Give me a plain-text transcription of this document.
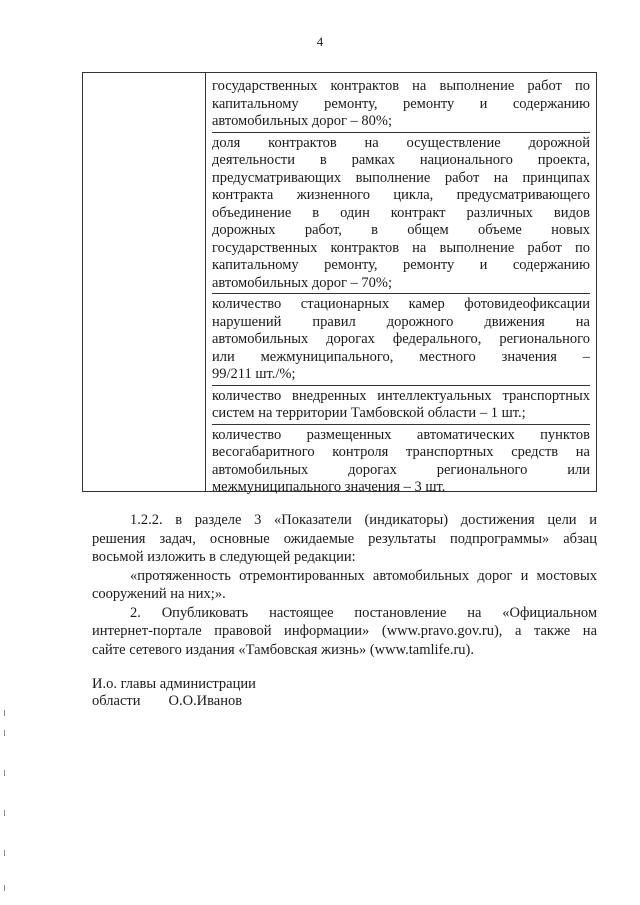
4
государственных контрактов на выполнение работ по
капитальному ремонту, ремонту и содержанию
автомобильных дорог – 80%;
доля контрактов на осуществление дорожной
деятельности в рамках национального проекта,
предусматривающих выполнение работ на принципах
контракта жизненного цикла, предусматривающего
объединение в один контракт различных видов
дорожных работ, в общем объеме новых
государственных контрактов на выполнение работ по
капитальному ремонту, ремонту и содержанию
автомобильных дорог – 70%;
количество стационарных камер фотовидеофиксации
нарушений правил дорожного движения на
автомобильных дорогах федерального, регионального
или межмуниципального, местного значения –
99/211 шт./%;
количество внедренных интеллектуальных транспортных
систем на территории Тамбовской области – 1 шт.;
количество размещенных автоматических пунктов
весогабаритного контроля транспортных средств на
автомобильных дорогах регионального или
межмуниципального значения – 3 шт.
1.2.2. в разделе 3 «Показатели (индикаторы) достижения цели и
решения задач, основные ожидаемые результаты подпрограммы» абзац
восьмой изложить в следующей редакции:
«протяженность отремонтированных автомобильных дорог и мостовых
сооружений на них;».
2. Опубликовать настоящее постановление на «Официальном
интернет-портале правовой информации» (www.pravo.gov.ru), а также на
сайте сетевого издания «Тамбовская жизнь» (www.tamlife.ru).
И.о. главы администрации
области О.О.Иванов
